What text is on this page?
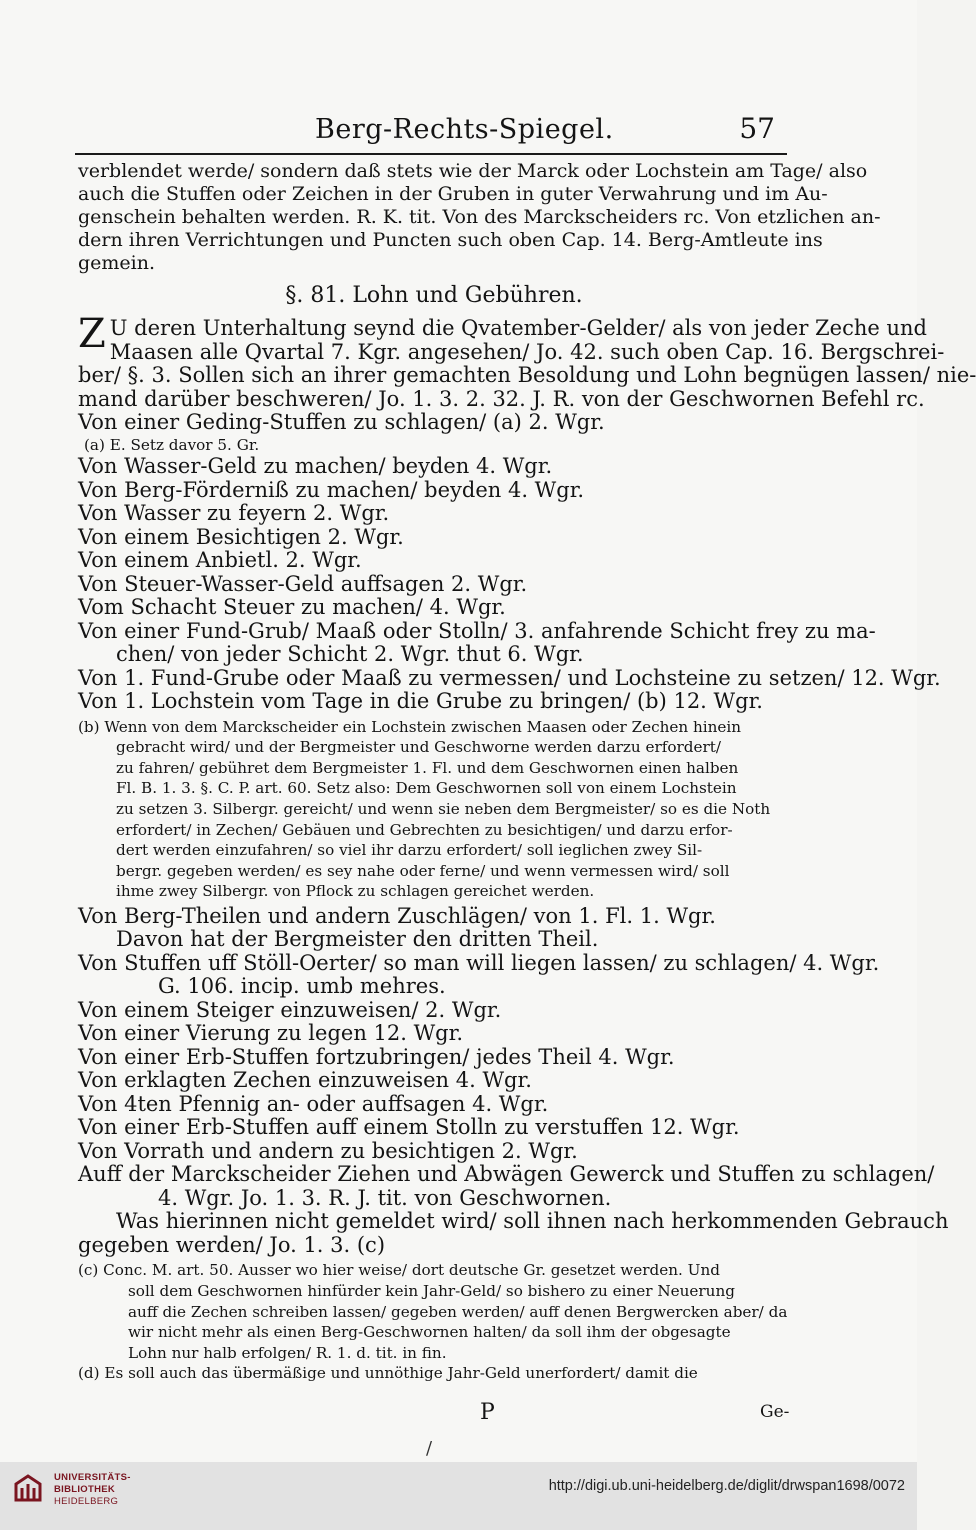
Berg-Rechts-Spiegel.	57
verblendet werde/ sondern daß stets wie der Marck oder Lochstein am Tage/ also
auch die Stuffen oder Zeichen in der Gruben in guter Verwahrung und im Au-
genschein behalten werden. R. K. tit. Von des Marckscheiders rc. Von etzlichen an-
dern ihren Verrichtungen und Puncten such oben Cap. 14. Berg-Amtleute ins
gemein.
§. 81. Lohn und Gebühren.
Z U deren Unterhaltung seynd die Qvatember-Gelder/ als von jeder Zeche und
Maasen alle Qvartal 7. Kgr. angesehen/ Jo. 42. such oben Cap. 16. Bergschrei-
ber/ §. 3. Sollen sich an ihrer gemachten Besoldung und Lohn begnügen lassen/ nie-
mand darüber beschweren/ Jo. 1. 3. 2. 32. J. R. von der Geschwornen Befehl rc.
Von einer Geding-Stuffen zu schlagen/ (a) 2. Wgr.
(a) E. Setz davor 5. Gr.
Von Wasser-Geld zu machen/ beyden 4. Wgr.
Von Berg-Förderniß zu machen/ beyden 4. Wgr.
Von Wasser zu feyern 2. Wgr.
Von einem Besichtigen 2. Wgr.
Von einem Anbietl. 2. Wgr.
Von Steuer-Wasser-Geld auffsagen 2. Wgr.
Vom Schacht Steuer zu machen/ 4. Wgr.
Von einer Fund-Grub/ Maaß oder Stolln/ 3. anfahrende Schicht frey zu ma-
chen/ von jeder Schicht 2. Wgr. thut 6. Wgr.
Von 1. Fund-Grube oder Maaß zu vermessen/ und Lochsteine zu setzen/ 12. Wgr.
Von 1. Lochstein vom Tage in die Grube zu bringen/ (b) 12. Wgr.
(b) Wenn von dem Marckscheider ein Lochstein zwischen Maasen oder Zechen hinein
gebracht wird/ und der Bergmeister und Geschworne werden darzu erfordert/
zu fahren/ gebühret dem Bergmeister 1. Fl. und dem Geschwornen einen halben
Fl. B. 1. 3. §. C. P. art. 60. Setz also: Dem Geschwornen soll von einem Lochstein
zu setzen 3. Silbergr. gereicht/ und wenn sie neben dem Bergmeister/ so es die Noth
erfordert/ in Zechen/ Gebäuen und Gebrechten zu besichtigen/ und darzu erfor-
dert werden einzufahren/ so viel ihr darzu erfordert/ soll ieglichen zwey Sil-
bergr. gegeben werden/ es sey nahe oder ferne/ und wenn vermessen wird/ soll
ihme zwey Silbergr. von Pflock zu schlagen gereichet werden.
Von Berg-Theilen und andern Zuschlägen/ von 1. Fl. 1. Wgr.
Davon hat der Bergmeister den dritten Theil.
Von Stuffen uff Stöll-Oerter/ so man will liegen lassen/ zu schlagen/ 4. Wgr.
G. 106. incip. umb mehres.
Von einem Steiger einzuweisen/ 2. Wgr.
Von einer Vierung zu legen 12. Wgr.
Von einer Erb-Stuffen fortzubringen/ jedes Theil 4. Wgr.
Von erklagten Zechen einzuweisen 4. Wgr.
Von 4ten Pfennig an- oder auffsagen 4. Wgr.
Von einer Erb-Stuffen auff einem Stolln zu verstuffen 12. Wgr.
Von Vorrath und andern zu besichtigen 2. Wgr.
Auff der Marckscheider Ziehen und Abwägen Gewerck und Stuffen zu schlagen/
4. Wgr. Jo. 1. 3. R. J. tit. von Geschwornen.
Was hierinnen nicht gemeldet wird/ soll ihnen nach herkommenden Gebrauch
gegeben werden/ Jo. 1. 3. (c)
(c) Conc. M. art. 50. Ausser wo hier weise/ dort deutsche Gr. gesetzet werden. Und
soll dem Geschwornen hinfürder kein Jahr-Geld/ so bishero zu einer Neuerung
auff die Zechen schreiben lassen/ gegeben werden/ auff denen Bergwercken aber/ da
wir nicht mehr als einen Berg-Geschwornen halten/ da soll ihm der obgesagte
Lohn nur halb erfolgen/ R. 1. d. tit. in fin.
(d) Es soll auch das übermäßige und unnöthige Jahr-Geld unerfordert/ damit die
P	Ge-
/
UNIVERSITÄTS-
BIBLIOTHEK
HEIDELBERG
http://digi.ub.uni-heidelberg.de/diglit/drwspan1698/0072
